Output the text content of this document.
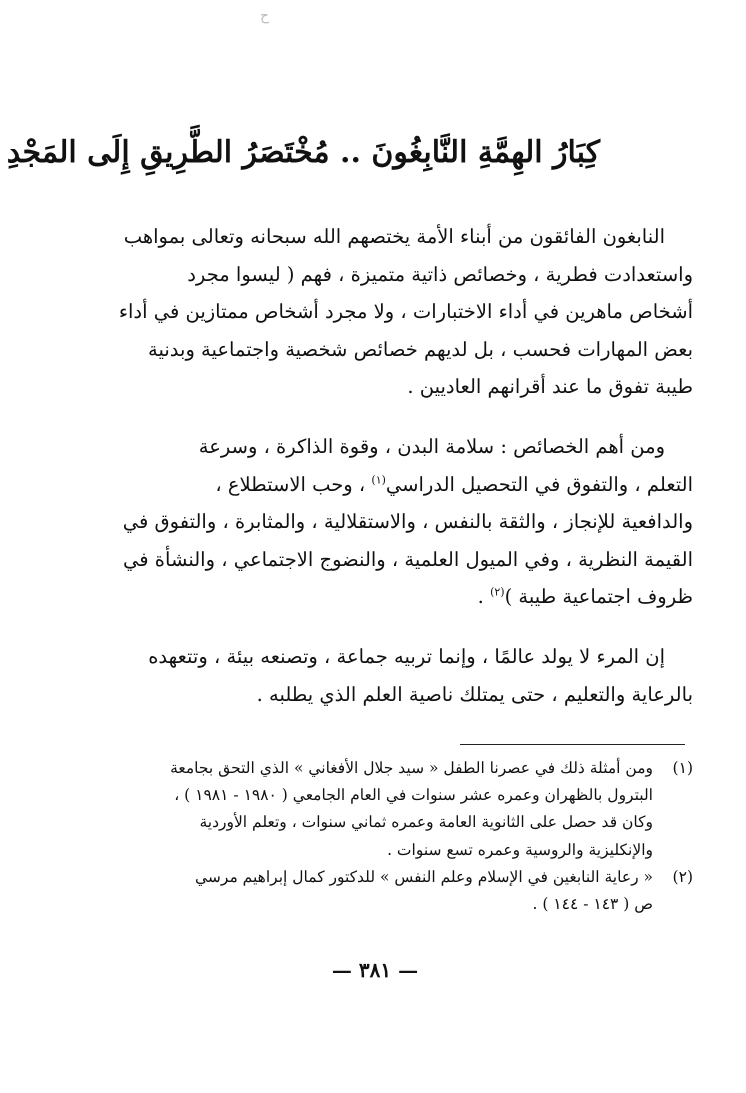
ح
كِبَارُ الهِمَّةِ النَّابِغُونَ .. مُخْتَصَرُ الطَّرِيقِ إِلَى المَجْدِ
النابغون الفائقون من أبناء الأمة يختصهم الله سبحانه وتعالى بمواهب
واستعدادت فطرية ، وخصائص ذاتية متميزة ، فهم ( ليسوا مجرد
أشخاص ماهرين في أداء الاختبارات ، ولا مجرد أشخاص ممتازين في أداء
بعض المهارات فحسب ، بل لديهم خصائص شخصية واجتماعية وبدنية
طيبة تفوق ما عند أقرانهم العاديين .
ومن أهم الخصائص : سلامة البدن ، وقوة الذاكرة ، وسرعة
التعلم ، والتفوق في التحصيل الدراسي$^{(١)}$ ، وحب الاستطلاع ،
والدافعية للإنجاز ، والثقة بالنفس ، والاستقلالية ، والمثابرة ، والتفوق في
القيمة النظرية ، وفي الميول العلمية ، والنضوج الاجتماعي ، والنشأة في
ظروف اجتماعية طيبة )$^{(٢)}$ .
إن المرء لا يولد عالمًا ، وإنما تربيه جماعة ، وتصنعه بيئة ، وتتعهده
بالرعاية والتعليم ، حتى يمتلك ناصية العلم الذي يطلبه .
(١)
ومن أمثلة ذلك في عصرنا الطفل « سيد جلال الأفغاني » الذي التحق بجامعة
البترول بالظهران وعمره عشر سنوات في العام الجامعي ( ١٩٨٠ - ١٩٨١ ) ،
وكان قد حصل على الثانوية العامة وعمره ثماني سنوات ، وتعلم الأوردية
والإنكليزية والروسية وعمره تسع سنوات .
(٢)
« رعاية النابغين في الإسلام وعلم النفس » للدكتور كمال إبراهيم مرسي
ص ( ١٤٣ - ١٤٤ ) .
— ٣٨١ —
